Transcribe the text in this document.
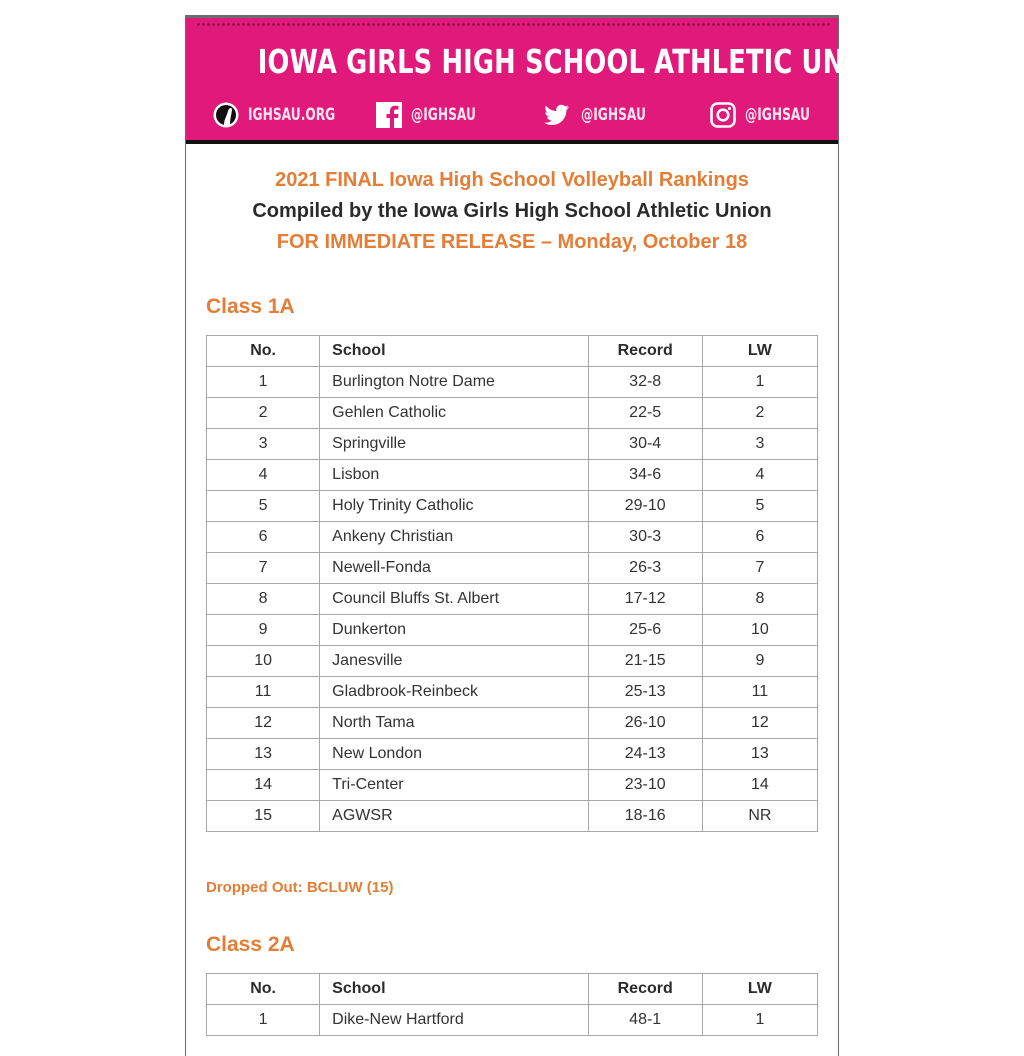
IOWA GIRLS HIGH SCHOOL ATHLETIC UNION
IGHSAU.ORG	@IGHSAU	@IGHSAU	@IGHSAU
2021 FINAL Iowa High School Volleyball Rankings
Compiled by the Iowa Girls High School Athletic Union
FOR IMMEDIATE RELEASE – Monday, October 18
Class 1A
No.	School	Record	LW
1	Burlington Notre Dame	32-8	1
2	Gehlen Catholic	22-5	2
3	Springville	30-4	3
4	Lisbon	34-6	4
5	Holy Trinity Catholic	29-10	5
6	Ankeny Christian	30-3	6
7	Newell-Fonda	26-3	7
8	Council Bluffs St. Albert	17-12	8
9	Dunkerton	25-6	10
10	Janesville	21-15	9
11	Gladbrook-Reinbeck	25-13	11
12	North Tama	26-10	12
13	New London	24-13	13
14	Tri-Center	23-10	14
15	AGWSR	18-16	NR
Dropped Out: BCLUW (15)
Class 2A
No.	School	Record	LW
1	Dike-New Hartford	48-1	1
